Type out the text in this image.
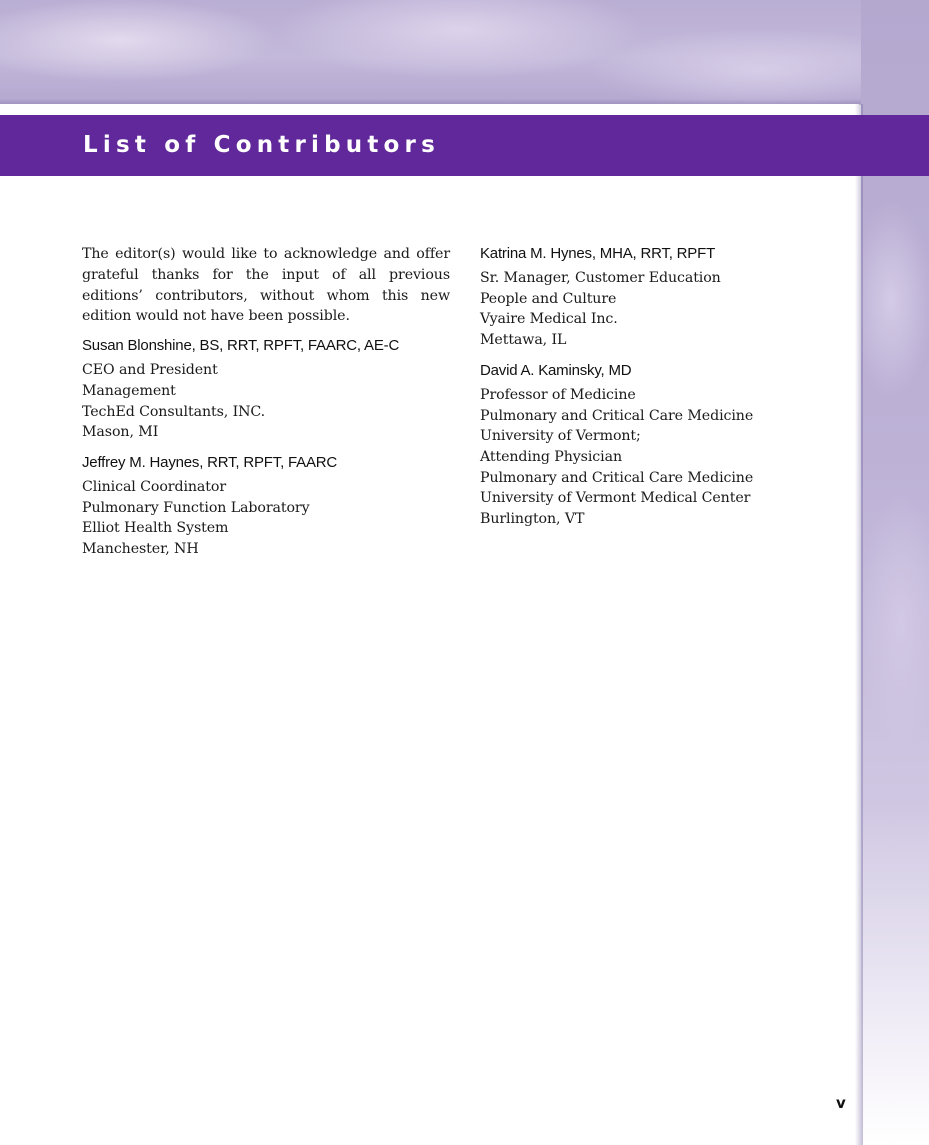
List of Contributors

The editor(s) would like to acknowledge and offer grateful thanks for the input of all previous editions’ contributors, without whom this new edition would not have been possible.

Susan Blonshine, BS, RRT, RPFT, FAARC, AE-C
CEO and President
Management
TechEd Consultants, INC.
Mason, MI
Jeffrey M. Haynes, RRT, RPFT, FAARC
Clinical Coordinator
Pulmonary Function Laboratory
Elliot Health System
Manchester, NH
Katrina M. Hynes, MHA, RRT, RPFT
Sr. Manager, Customer Education
People and Culture
Vyaire Medical Inc.
Mettawa, IL
David A. Kaminsky, MD
Professor of Medicine
Pulmonary and Critical Care Medicine
University of Vermont;
Attending Physician
Pulmonary and Critical Care Medicine
University of Vermont Medical Center
Burlington, VT
v
